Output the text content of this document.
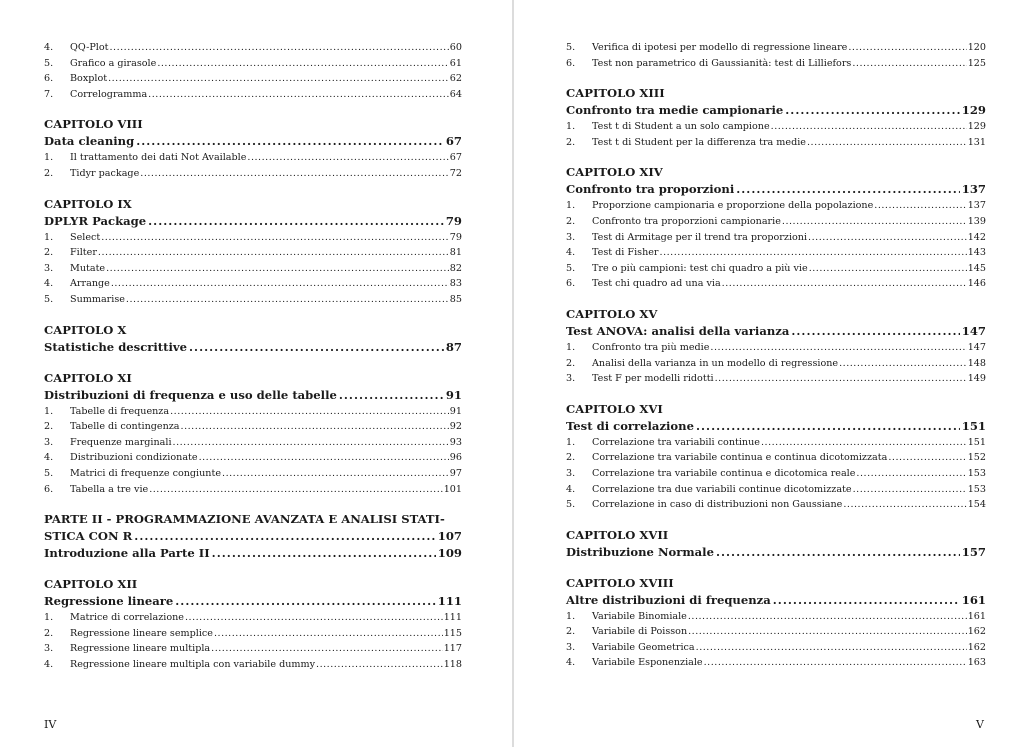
4.	QQ-Plot .....	60
5.	Grafico a girasole .....	61
6.	Boxplot .....	62
7.	Correlogramma .....	64
CAPITOLO VIII
Data cleaning .....	67
1.	Il trattamento dei dati Not Available .....	67
2.	Tidyr package .....	72
CAPITOLO IX
DPLYR Package .....	79
1.	Select .....	79
2.	Filter .....	81
3.	Mutate .....	82
4.	Arrange .....	83
5.	Summarise .....	85
CAPITOLO X
Statistiche descrittive .....	87
CAPITOLO XI
Distribuzioni di frequenza e uso delle tabelle .....	91
1.	Tabelle di frequenza .....	91
2.	Tabelle di contingenza .....	92
3.	Frequenze marginali .....	93
4.	Distribuzioni condizionate .....	96
5.	Matrici di frequenze congiunte .....	97
6.	Tabella a tre vie .....	101
PARTE II - PROGRAMMAZIONE AVANZATA E ANALISI STATI-
STICA CON R .....	107
Introduzione alla Parte II .....	109
CAPITOLO XII
Regressione lineare .....	111
1.	Matrice di correlazione .....	111
2.	Regressione lineare semplice .....	115
3.	Regressione lineare multipla .....	117
4.	Regressione lineare multipla con variabile dummy .....	118
IV
5.	Verifica di ipotesi per modello di regressione lineare .....	120
6.	Test non parametrico di Gaussianità: test di Lilliefors .....	125
CAPITOLO XIII
Confronto tra medie campionarie .....	129
1.	Test t di Student a un solo campione .....	129
2.	Test t di Student per la differenza tra medie .....	131
CAPITOLO XIV
Confronto tra proporzioni .....	137
1.	Proporzione campionaria e proporzione della popolazione .....	137
2.	Confronto tra proporzioni campionarie .....	139
3.	Test di Armitage per il trend tra proporzioni .....	142
4.	Test di Fisher .....	143
5.	Tre o più campioni: test chi quadro a più vie .....	145
6.	Test chi quadro ad una via .....	146
CAPITOLO XV
Test ANOVA: analisi della varianza .....	147
1.	Confronto tra più medie .....	147
2.	Analisi della varianza in un modello di regressione .....	148
3.	Test F per modelli ridotti .....	149
CAPITOLO XVI
Test di correlazione .....	151
1.	Correlazione tra variabili continue .....	151
2.	Correlazione tra variabile continua e continua dicotomizzata .....	152
3.	Correlazione tra variabile continua e dicotomica reale .....	153
4.	Correlazione tra due variabili continue dicotomizzate .....	153
5.	Correlazione in caso di distribuzioni non Gaussiane .....	154
CAPITOLO XVII
Distribuzione Normale .....	157
CAPITOLO XVIII
Altre distribuzioni di frequenza .....	161
1.	Variabile Binomiale .....	161
2.	Variabile di Poisson .....	162
3.	Variabile Geometrica .....	162
4.	Variabile Esponenziale .....	163
V
